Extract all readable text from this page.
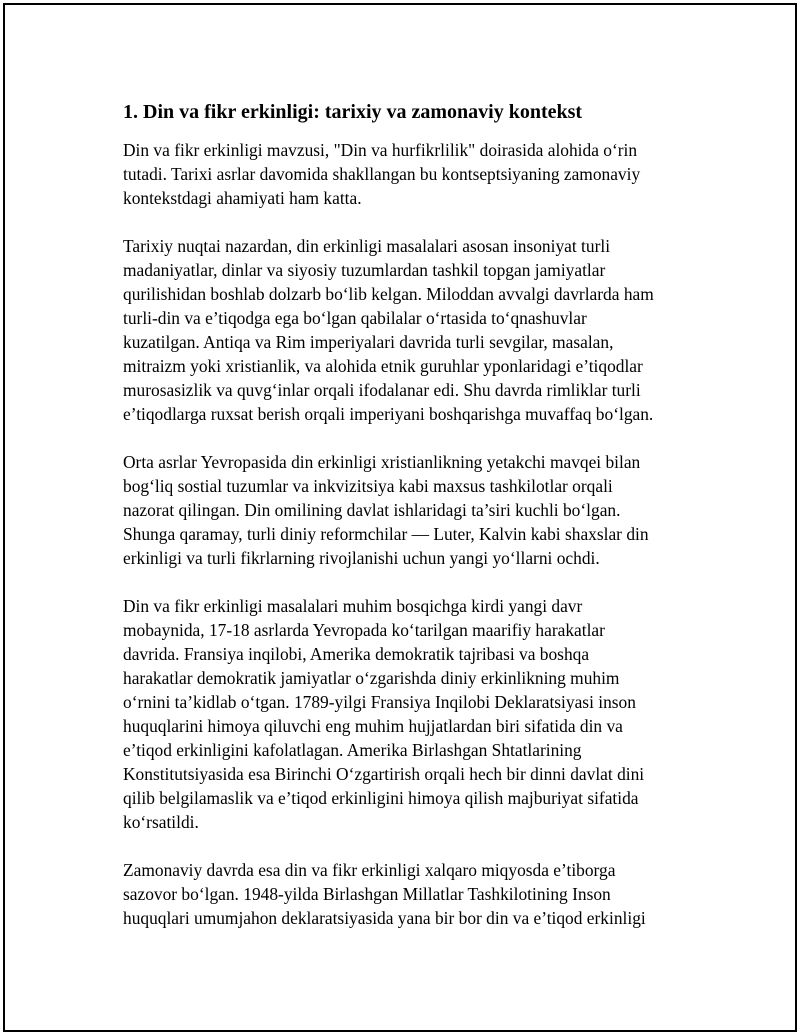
1. Din va fikr erkinligi: tarixiy va zamonaviy kontekst

Din va fikr erkinligi mavzusi, "Din va hurfikrlilik" doirasida alohida o‘rin
tutadi. Tarixi asrlar davomida shakllangan bu kontseptsiyaning zamonaviy
kontekstdagi ahamiyati ham katta.

Tarixiy nuqtai nazardan, din erkinligi masalalari asosan insoniyat turli
madaniyatlar, dinlar va siyosiy tuzumlardan tashkil topgan jamiyatlar
qurilishidan boshlab dolzarb bo‘lib kelgan. Miloddan avvalgi davrlarda ham
turli-din va e’tiqodga ega bo‘lgan qabilalar o‘rtasida to‘qnashuvlar
kuzatilgan. Antiqa va Rim imperiyalari davrida turli sevgilar, masalan,
mitraizm yoki xristianlik, va alohida etnik guruhlar yponlaridagi e’tiqodlar
murosasizlik va quvg‘inlar orqali ifodalanar edi. Shu davrda rimliklar turli
e’tiqodlarga ruxsat berish orqali imperiyani boshqarishga muvaffaq bo‘lgan.

Orta asrlar Yevropasida din erkinligi xristianlikning yetakchi mavqei bilan
bog‘liq sostial tuzumlar va inkvizitsiya kabi maxsus tashkilotlar orqali
nazorat qilingan. Din omilining davlat ishlaridagi ta’siri kuchli bo‘lgan.
Shunga qaramay, turli diniy reformchilar — Luter, Kalvin kabi shaxslar din
erkinligi va turli fikrlarning rivojlanishi uchun yangi yo‘llarni ochdi.

Din va fikr erkinligi masalalari muhim bosqichga kirdi yangi davr
mobaynida, 17-18 asrlarda Yevropada ko‘tarilgan maarifiy harakatlar
davrida. Fransiya inqilobi, Amerika demokratik tajribasi va boshqa
harakatlar demokratik jamiyatlar o‘zgarishda diniy erkinlikning muhim
o‘rnini ta’kidlab o‘tgan. 1789-yilgi Fransiya Inqilobi Deklaratsiyasi inson
huquqlarini himoya qiluvchi eng muhim hujjatlardan biri sifatida din va
e’tiqod erkinligini kafolatlagan. Amerika Birlashgan Shtatlarining
Konstitutsiyasida esa Birinchi O‘zgartirish orqali hech bir dinni davlat dini
qilib belgilamaslik va e’tiqod erkinligini himoya qilish majburiyat sifatida
ko‘rsatildi.

Zamonaviy davrda esa din va fikr erkinligi xalqaro miqyosda e’tiborga
sazovor bo‘lgan. 1948-yilda Birlashgan Millatlar Tashkilotining Inson
huquqlari umumjahon deklaratsiyasida yana bir bor din va e’tiqod erkinligi
